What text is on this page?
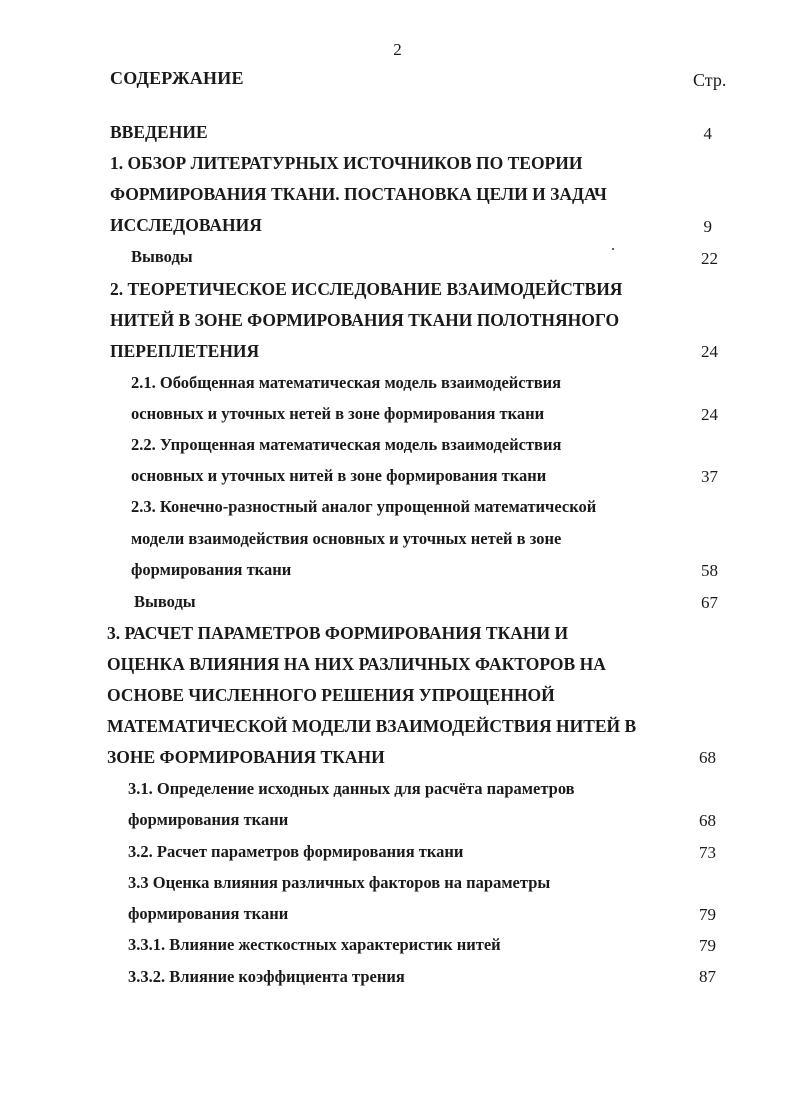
2
СОДЕРЖАНИЕ	Стр.
ВВЕДЕНИЕ	4
1. ОБЗОР ЛИТЕРАТУРНЫХ ИСТОЧНИКОВ ПО ТЕОРИИ
ФОРМИРОВАНИЯ ТКАНИ. ПОСТАНОВКА ЦЕЛИ И ЗАДАЧ
ИССЛЕДОВАНИЯ	9
Выводы	22
2. ТЕОРЕТИЧЕСКОЕ ИССЛЕДОВАНИЕ ВЗАИМОДЕЙСТВИЯ
НИТЕЙ В ЗОНЕ ФОРМИРОВАНИЯ ТКАНИ ПОЛОТНЯНОГО
ПЕРЕПЛЕТЕНИЯ	24
2.1. Обобщенная математическая модель взаимодействия
основных и уточных нетей в зоне формирования ткани	24
2.2. Упрощенная математическая модель взаимодействия
основных и уточных нитей в зоне формирования ткани	37
2.3. Конечно-разностный аналог упрощенной математической
модели взаимодействия основных и уточных нетей в зоне
формирования ткани	58
Выводы	67
3. РАСЧЕТ ПАРАМЕТРОВ ФОРМИРОВАНИЯ ТКАНИ И
ОЦЕНКА ВЛИЯНИЯ НА НИХ РАЗЛИЧНЫХ ФАКТОРОВ НА
ОСНОВЕ ЧИСЛЕННОГО РЕШЕНИЯ УПРОЩЕННОЙ
МАТЕМАТИЧЕСКОЙ МОДЕЛИ ВЗАИМОДЕЙСТВИЯ НИТЕЙ В
ЗОНЕ ФОРМИРОВАНИЯ ТКАНИ	68
3.1. Определение исходных данных для расчёта параметров
формирования ткани	68
3.2. Расчет параметров формирования ткани	73
3.3 Оценка влияния различных факторов на параметры
формирования ткани	79
3.3.1. Влияние жесткостных характеристик нитей	79
3.3.2. Влияние коэффициента трения	87
